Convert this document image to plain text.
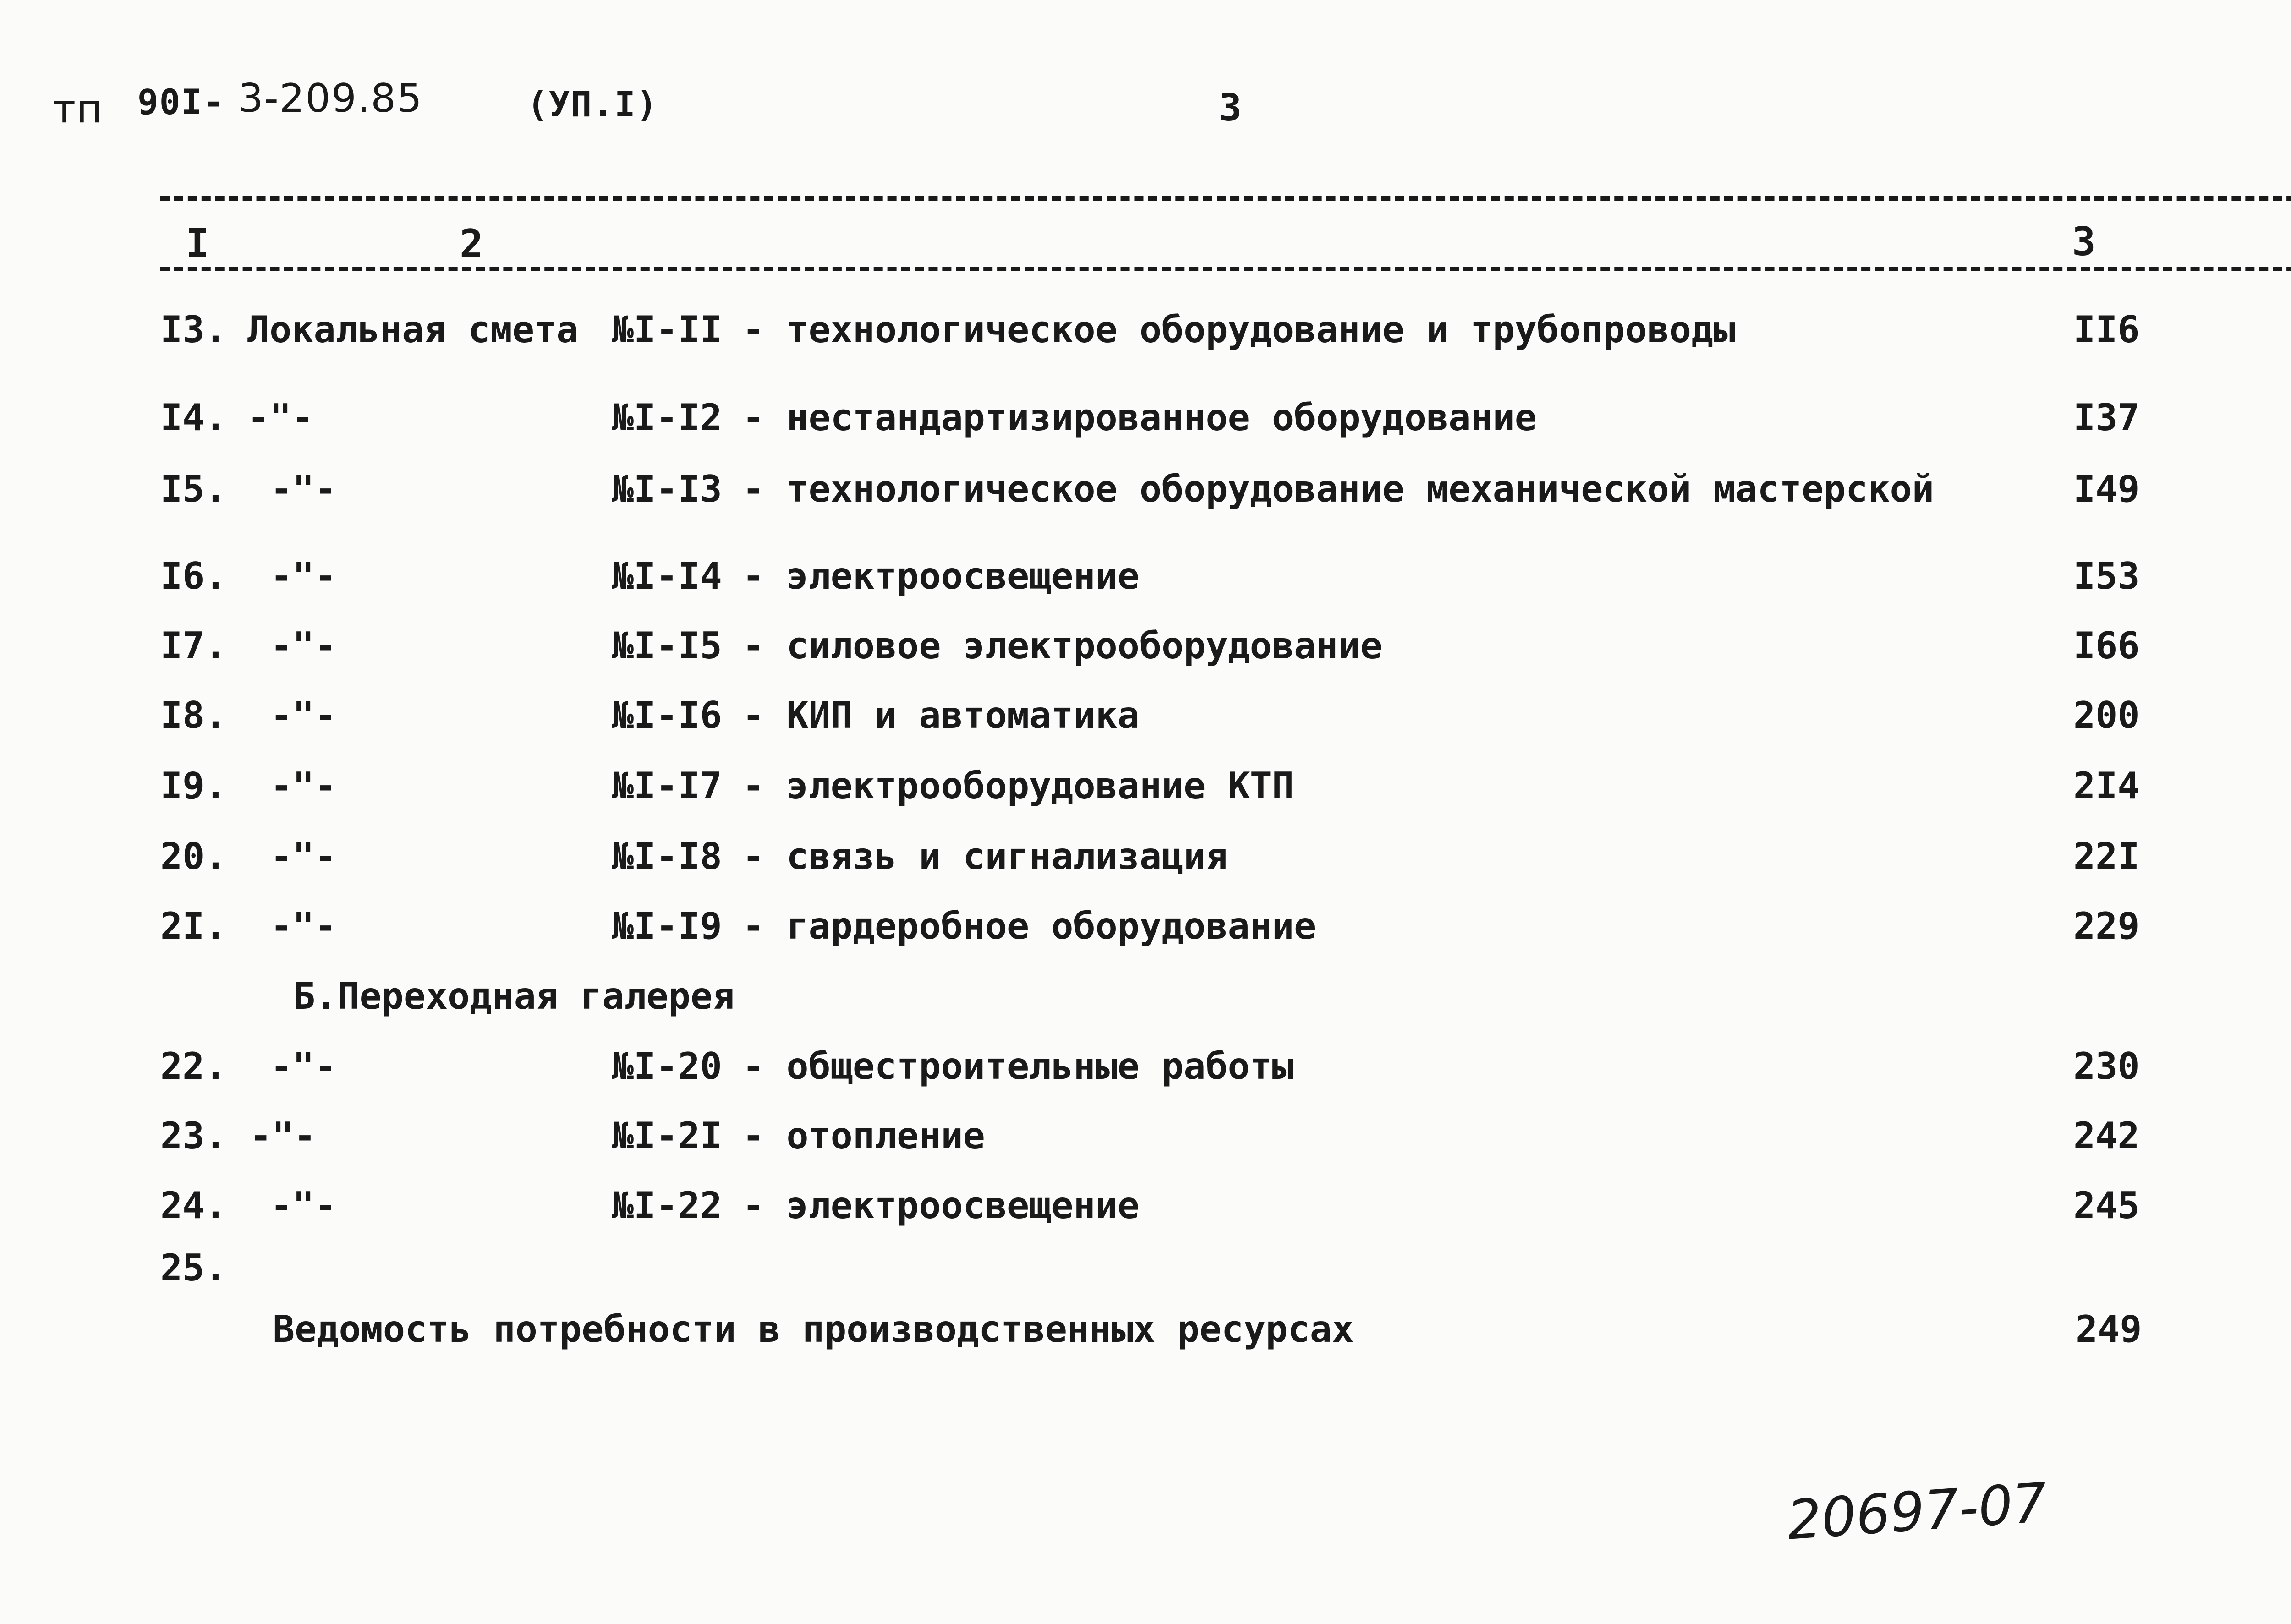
тп 90I- 3-209.85	(УП.I)	3
I	2	3
I3. Локальная смета №I-II - технологическое оборудование и трубопроводы	II6
I4. -"-	№I-I2 - нестандартизированное оборудование	I37
I5. -"-	№I-I3 - технологическое оборудование механической мастерской	I49
I6. -"-	№I-I4 - электроосвещение	I53
I7. -"-	№I-I5 - силовое электрооборудование	I66
I8. -"-	№I-I6 - КИП и автоматика	200
I9. -"-	№I-I7 - электрооборудование КТП	2I4
20. -"-	№I-I8 - связь и сигнализация	22I
2I. -"-	№I-I9 - гардеробное оборудование	229
Б.Переходная галерея
22. -"-	№I-20 - общестроительные работы	230
23. -"-	№I-2I - отопление	242
24. -"-	№I-22 - электроосвещение	245
25.
Ведомость потребности в производственных ресурсах	249
20697-07
